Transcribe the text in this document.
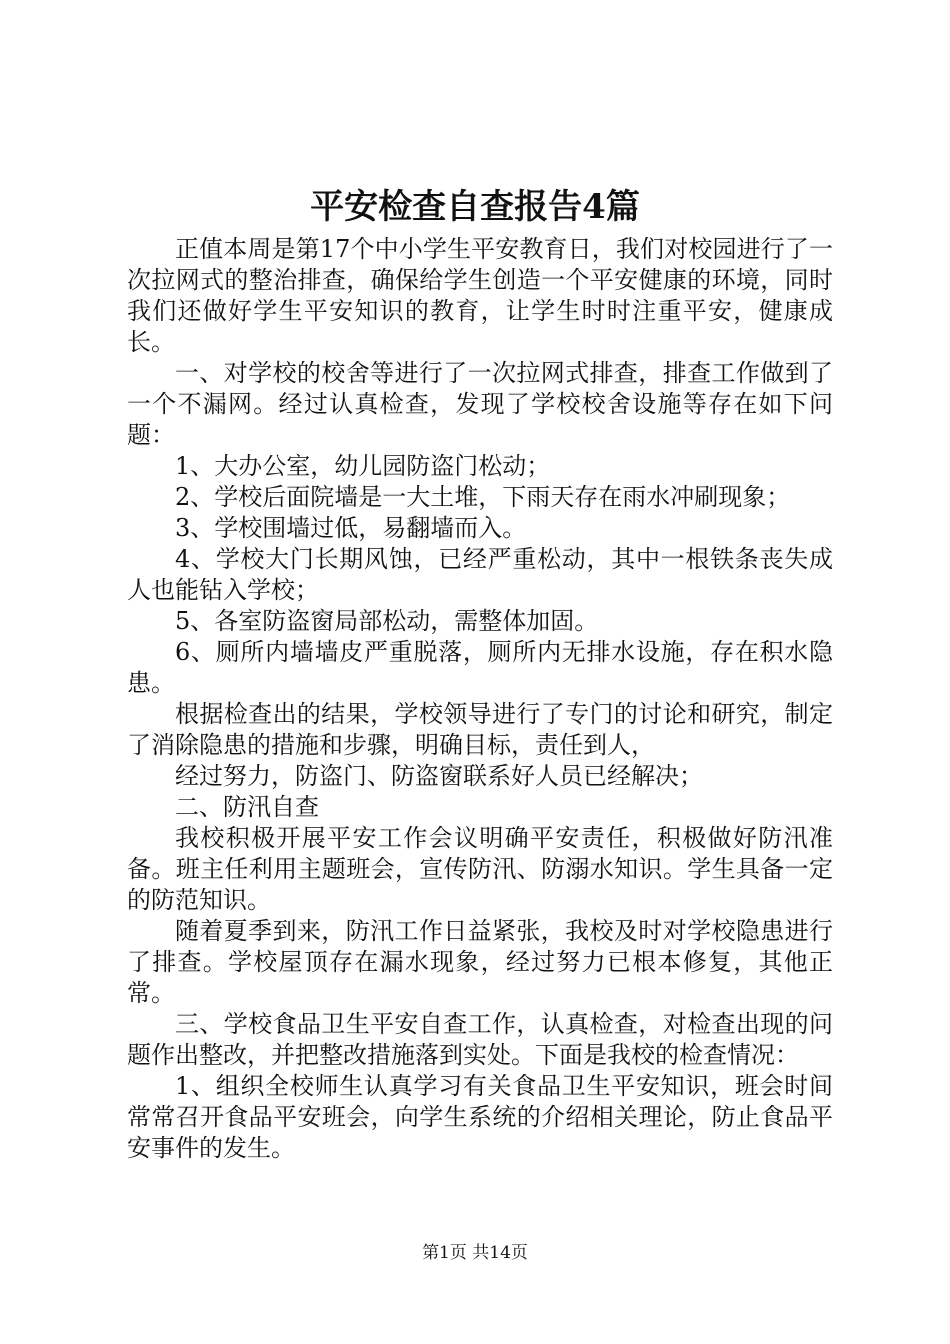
平安检查自查报告4篇

正值本周是第17个中小学生平安教育日，我们对校园进行了一次拉网式的整治排查，确保给学生创造一个平安健康的环境，同时我们还做好学生平安知识的教育，让学生时时注重平安，健康成长。

一、对学校的校舍等进行了一次拉网式排查，排查工作做到了一个不漏网。经过认真检查，发现了学校校舍设施等存在如下问题：

1、大办公室，幼儿园防盗门松动；

2、学校后面院墙是一大土堆，下雨天存在雨水冲刷现象；

3、学校围墙过低，易翻墙而入。

4、学校大门长期风蚀，已经严重松动，其中一根铁条丧失成人也能钻入学校；

5、各室防盗窗局部松动，需整体加固。

6、厕所内墙墙皮严重脱落，厕所内无排水设施，存在积水隐患。

根据检查出的结果，学校领导进行了专门的讨论和研究，制定了消除隐患的措施和步骤，明确目标，责任到人，

经过努力，防盗门、防盗窗联系好人员已经解决；

二、防汛自查

我校积极开展平安工作会议明确平安责任，积极做好防汛准备。班主任利用主题班会，宣传防汛、防溺水知识。学生具备一定的防范知识。

随着夏季到来，防汛工作日益紧张，我校及时对学校隐患进行了排查。学校屋顶存在漏水现象，经过努力已根本修复，其他正常。

三、学校食品卫生平安自查工作，认真检查，对检查出现的问题作出整改，并把整改措施落到实处。下面是我校的检查情况：

1、组织全校师生认真学习有关食品卫生平安知识，班会时间常常召开食品平安班会，向学生系统的介绍相关理论，防止食品平安事件的发生。

第1页 共14页
